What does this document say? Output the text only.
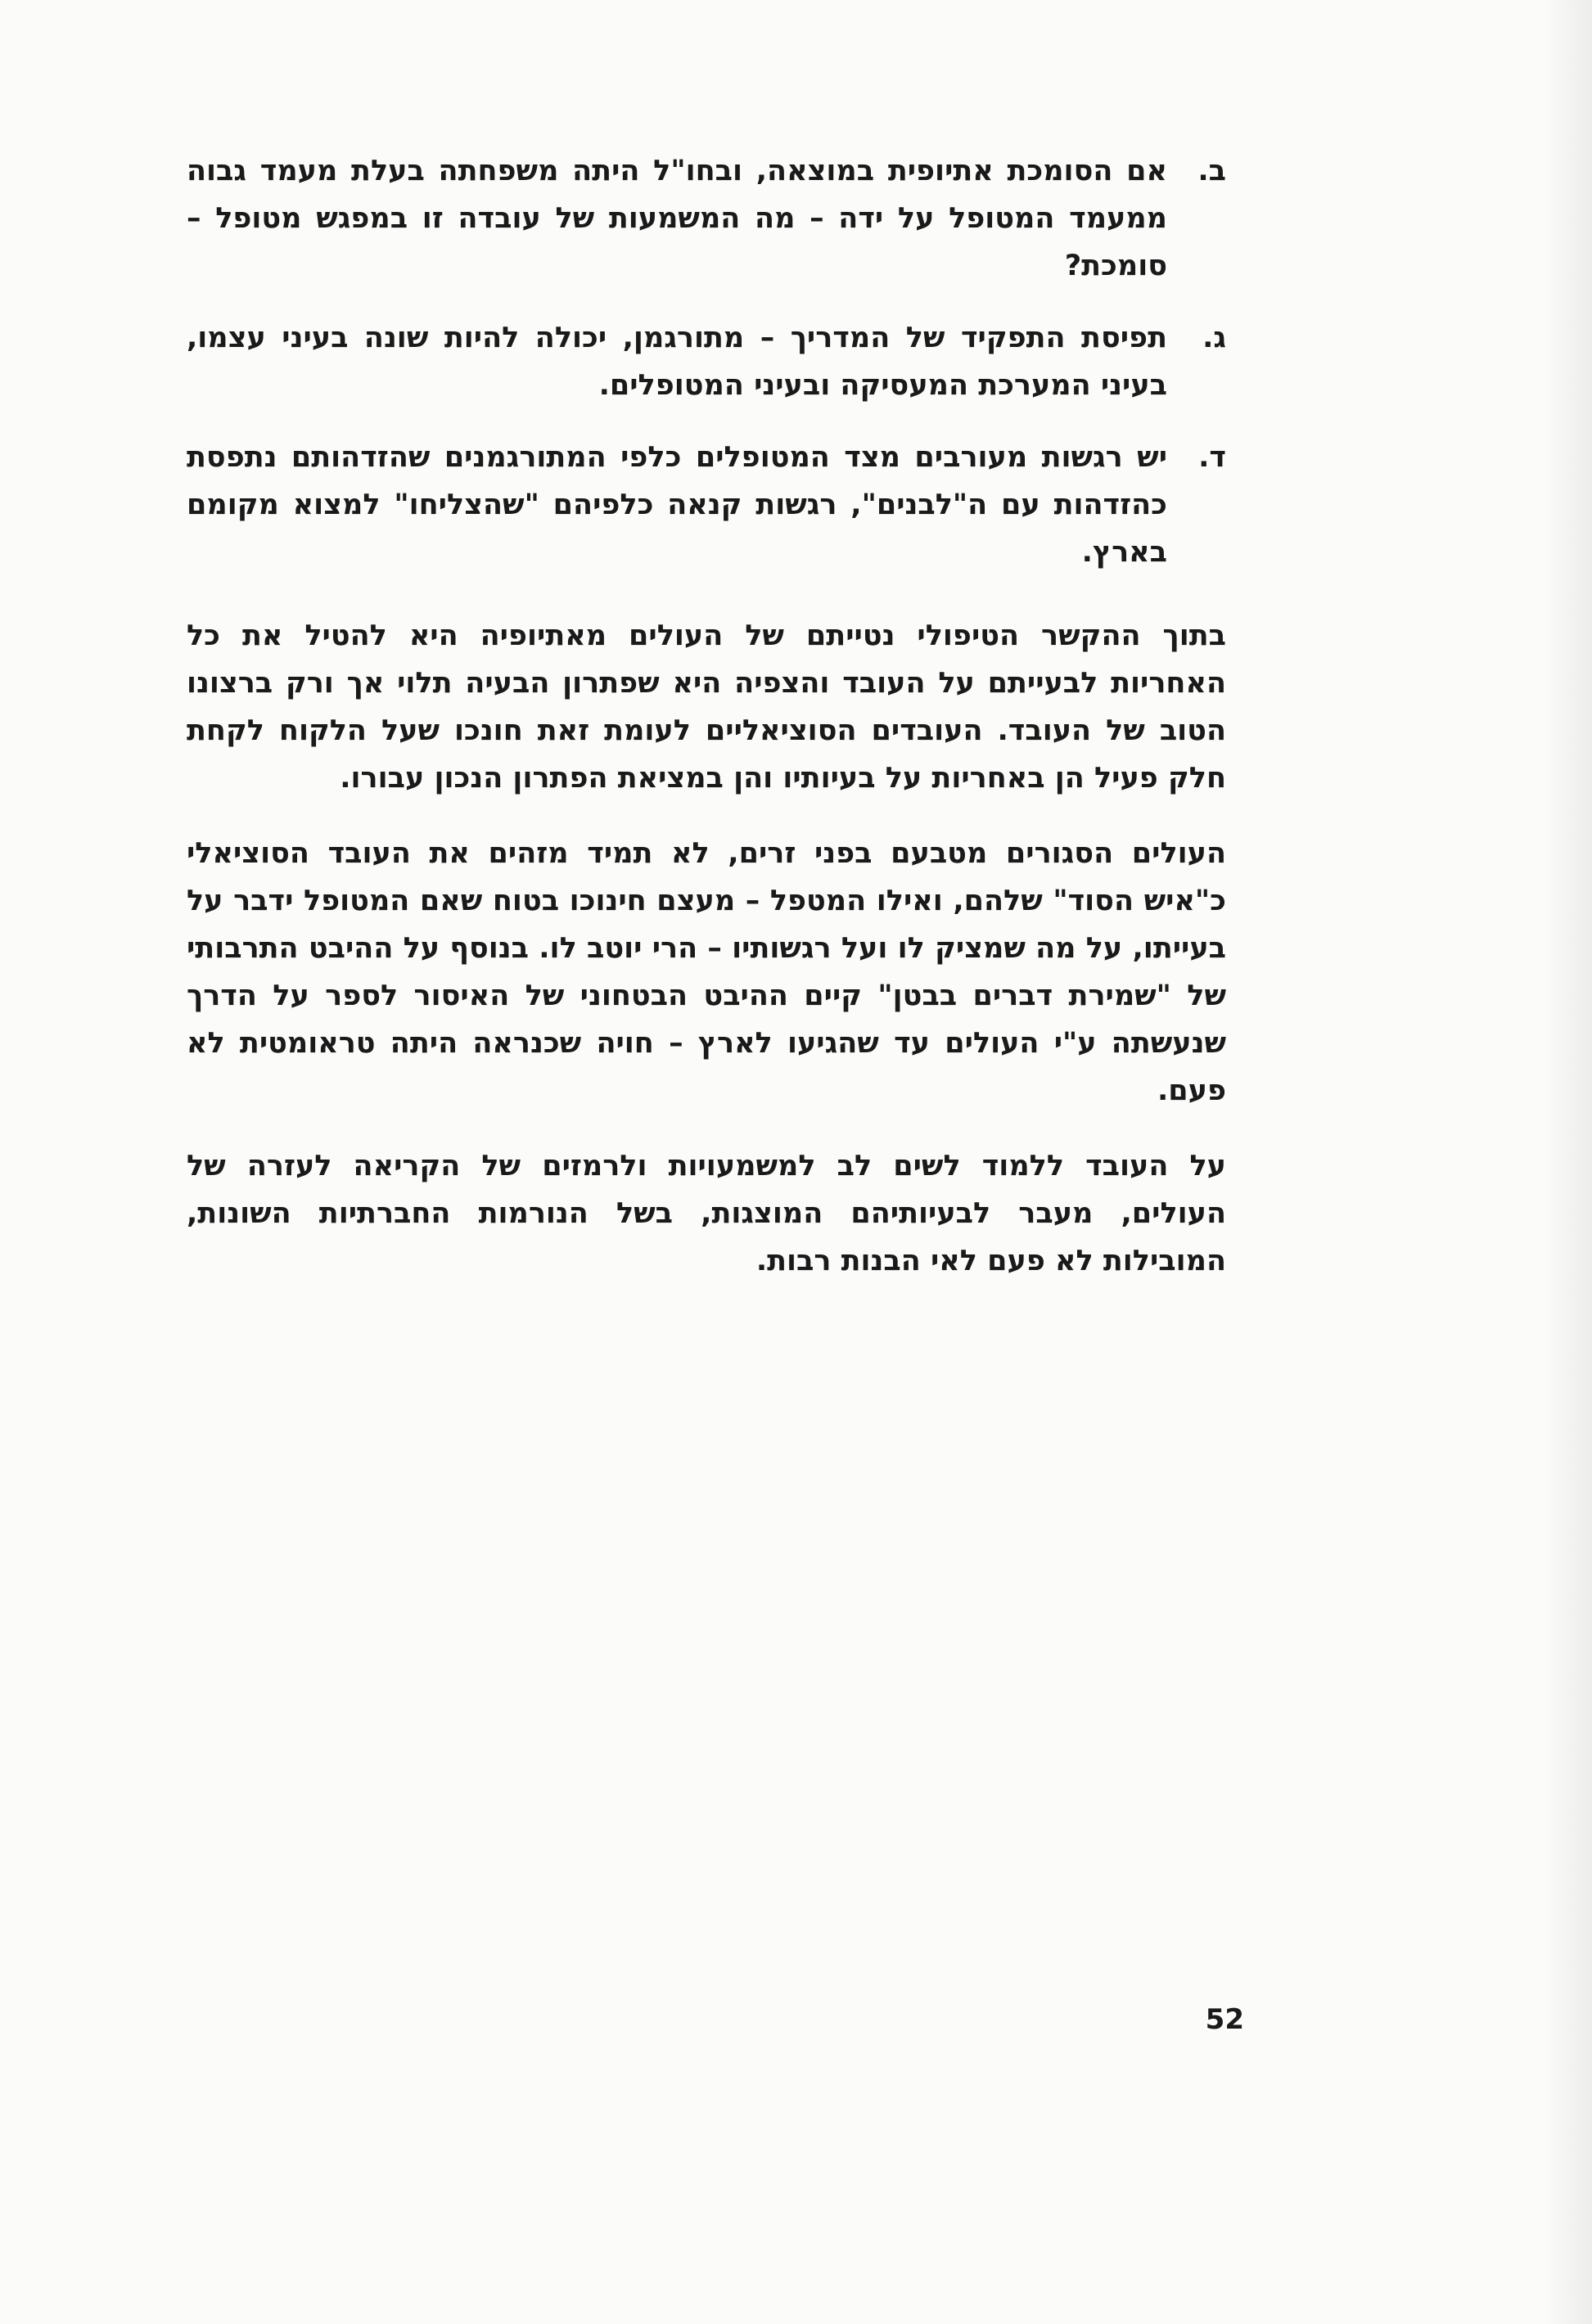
ב.
אם הסומכת אתיופית במוצאה, ובחו"ל היתה משפחתה בעלת מעמד גבוה ממעמד המטופל על ידה – מה המשמעות של עובדה זו במפגש מטופל – סומכת?
ג.
תפיסת התפקיד של המדריך – מתורגמן, יכולה להיות שונה בעיני עצמו, בעיני המערכת המעסיקה ובעיני המטופלים.
ד.
יש רגשות מעורבים מצד המטופלים כלפי המתורגמנים שהזדהותם נתפסת כהזדהות עם ה"לבנים", רגשות קנאה כלפיהם "שהצליחו" למצוא מקומם בארץ.

בתוך ההקשר הטיפולי נטייתם של העולים מאתיופיה היא להטיל את כל האחריות לבעייתם על העובד והצפיה היא שפתרון הבעיה תלוי אך ורק ברצונו הטוב של העובד. העובדים הסוציאליים לעומת זאת חונכו שעל הלקוח לקחת חלק פעיל הן באחריות על בעיותיו והן במציאת הפתרון הנכון עבורו.

העולים הסגורים מטבעם בפני זרים, לא תמיד מזהים את העובד הסוציאלי כ"איש הסוד" שלהם, ואילו המטפל – מעצם חינוכו בטוח שאם המטופל ידבר על בעייתו, על מה שמציק לו ועל רגשותיו – הרי יוטב לו. בנוסף על ההיבט התרבותי של "שמירת דברים בבטן" קיים ההיבט הבטחוני של האיסור לספר על הדרך שנעשתה ע"י העולים עד שהגיעו לארץ – חויה שכנראה היתה טראומטית לא פעם.

על העובד ללמוד לשים לב למשמעויות ולרמזים של הקריאה לעזרה של העולים, מעבר לבעיותיהם המוצגות, בשל הנורמות החברתיות השונות, המובילות לא פעם לאי הבנות רבות.

52
